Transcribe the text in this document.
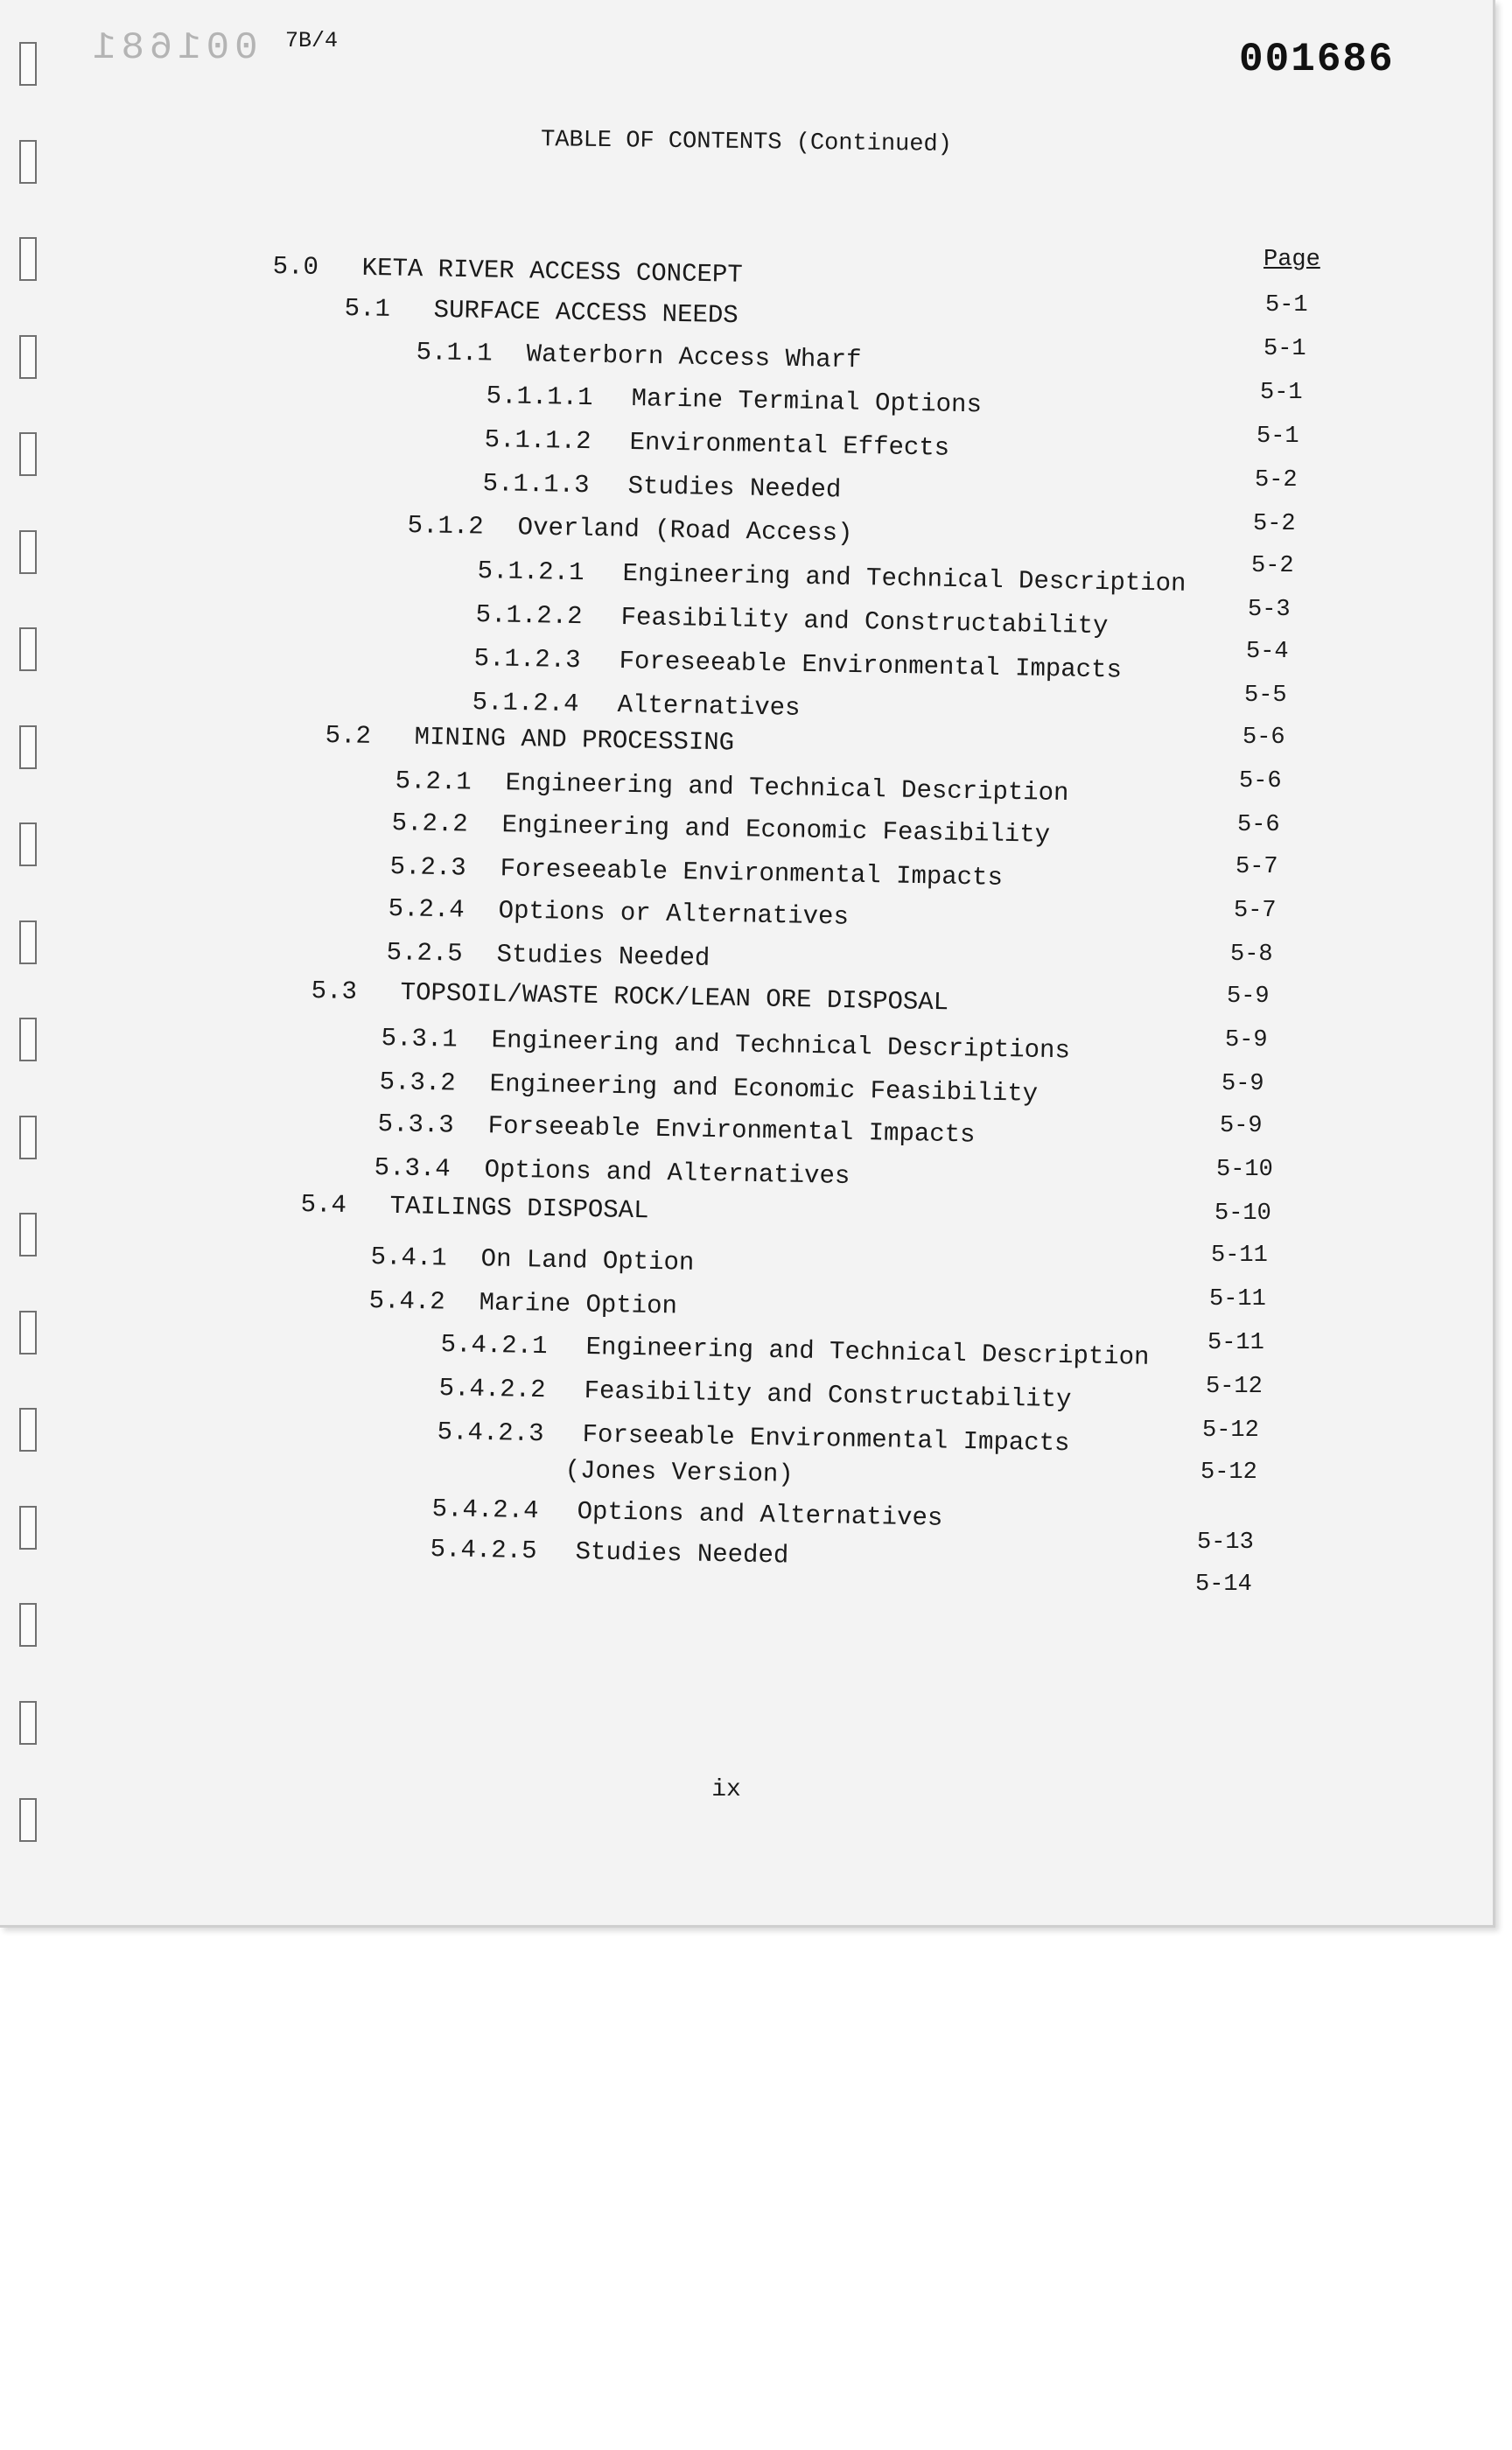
001681 7B/4	001686
TABLE OF CONTENTS (Continued)
Page
5.0 KETA RIVER ACCESS CONCEPT
5.1 SURFACE ACCESS NEEDS
5.1.1 Waterborn Access Wharf
5.1.1.1 Marine Terminal Options
5.1.1.2 Environmental Effects
5.1.1.3 Studies Needed
5.1.2 Overland (Road Access)
5.1.2.1 Engineering and Technical Description
5.1.2.2 Feasibility and Constructability
5.1.2.3 Foreseeable Environmental Impacts
5.1.2.4 Alternatives
5.2 MINING AND PROCESSING
5.2.1 Engineering and Technical Description
5.2.2 Engineering and Economic Feasibility
5.2.3 Foreseeable Environmental Impacts
5.2.4 Options or Alternatives
5.2.5 Studies Needed
5.3 TOPSOIL/WASTE ROCK/LEAN ORE DISPOSAL
5.3.1 Engineering and Technical Descriptions
5.3.2 Engineering and Economic Feasibility
5.3.3 Forseeable Environmental Impacts
5.3.4 Options and Alternatives
5.4 TAILINGS DISPOSAL
5.4.1 On Land Option
5.4.2 Marine Option
5.4.2.1 Engineering and Technical Description
5.4.2.2 Feasibility and Constructability
5.4.2.3 Forseeable Environmental Impacts
(Jones Version)
5.4.2.4 Options and Alternatives
5.4.2.5 Studies Needed
5-1
5-1
5-1
5-1
5-2
5-2
5-2
5-3
5-4
5-5
5-6
5-6
5-6
5-7
5-7
5-8
5-9
5-9
5-9
5-9
5-10
5-10
5-11
5-11
5-11
5-12
5-12
5-12
5-13
5-14
ix
